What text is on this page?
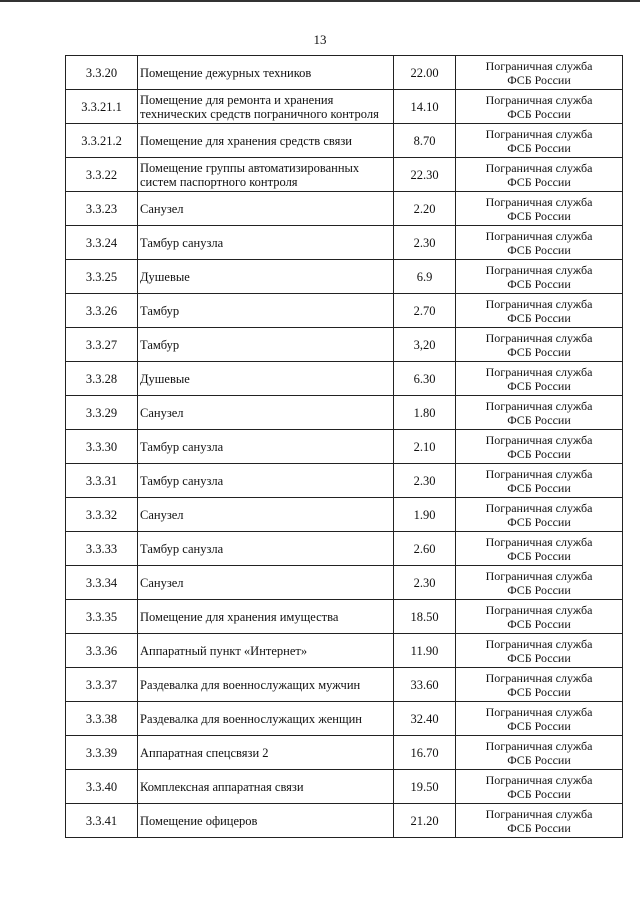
13
3.3.20	Помещение дежурных техников	22.00	Пограничная служба
ФСБ России

3.3.21.1	Помещение для ремонта и хранения технических средств пограничного контроля	14.10	Пограничная служба
ФСБ России

3.3.21.2	Помещение для хранения средств связи	8.70	Пограничная служба
ФСБ России

3.3.22	Помещение группы автоматизированных систем паспортного контроля	22.30	Пограничная служба
ФСБ России

3.3.23	Санузел	2.20	Пограничная служба
ФСБ России

3.3.24	Тамбур санузла	2.30	Пограничная служба
ФСБ России

3.3.25	Душевые	6.9	Пограничная служба
ФСБ России

3.3.26	Тамбур	2.70	Пограничная служба
ФСБ России

3.3.27	Тамбур	3,20	Пограничная служба
ФСБ России

3.3.28	Душевые	6.30	Пограничная служба
ФСБ России

3.3.29	Санузел	1.80	Пограничная служба
ФСБ России

3.3.30	Тамбур санузла	2.10	Пограничная служба
ФСБ России

3.3.31	Тамбур санузла	2.30	Пограничная служба
ФСБ России

3.3.32	Санузел	1.90	Пограничная служба
ФСБ России

3.3.33	Тамбур санузла	2.60	Пограничная служба
ФСБ России

3.3.34	Санузел	2.30	Пограничная служба
ФСБ России

3.3.35	Помещение для хранения имущества	18.50	Пограничная служба
ФСБ России

3.3.36	Аппаратный пункт «Интернет»	11.90	Пограничная служба
ФСБ России

3.3.37	Раздевалка для военнослужащих мужчин	33.60	Пограничная служба
ФСБ России

3.3.38	Раздевалка для военнослужащих женщин	32.40	Пограничная служба
ФСБ России

3.3.39	Аппаратная спецсвязи 2	16.70	Пограничная служба
ФСБ России

3.3.40	Комплексная аппаратная связи	19.50	Пограничная служба
ФСБ России

3.3.41	Помещение офицеров	21.20	Пограничная служба
ФСБ России
